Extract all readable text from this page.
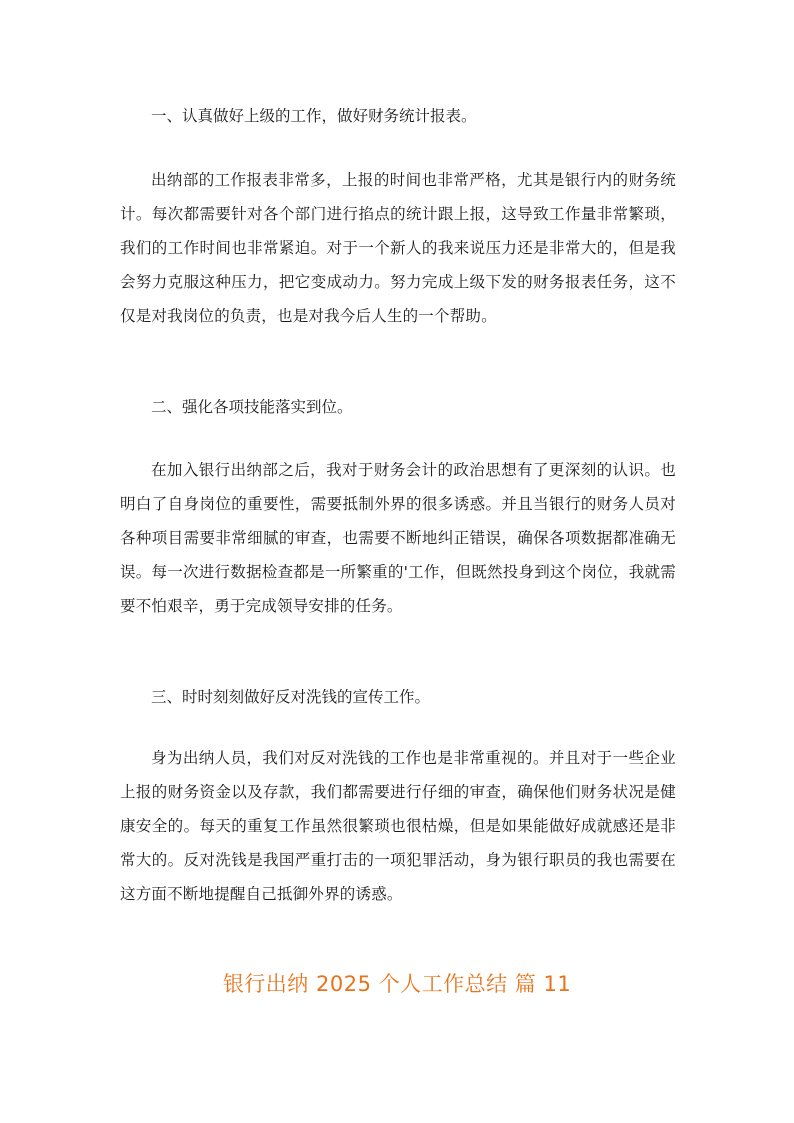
一、认真做好上级的工作，做好财务统计报表。

出纳部的工作报表非常多，上报的时间也非常严格，尤其是银行内的财务统计。每次都需要针对各个部门进行掐点的统计跟上报，这导致工作量非常繁琐，我们的工作时间也非常紧迫。对于一个新人的我来说压力还是非常大的，但是我会努力克服这种压力，把它变成动力。努力完成上级下发的财务报表任务，这不仅是对我岗位的负责，也是对我今后人生的一个帮助。

二、强化各项技能落实到位。

在加入银行出纳部之后，我对于财务会计的政治思想有了更深刻的认识。也明白了自身岗位的重要性，需要抵制外界的很多诱惑。并且当银行的财务人员对各种项目需要非常细腻的审查，也需要不断地纠正错误，确保各项数据都准确无误。每一次进行数据检查都是一所繁重的'工作，但既然投身到这个岗位，我就需要不怕艰辛，勇于完成领导安排的任务。

三、时时刻刻做好反对洗钱的宣传工作。

身为出纳人员，我们对反对洗钱的工作也是非常重视的。并且对于一些企业上报的财务资金以及存款，我们都需要进行仔细的审查，确保他们财务状况是健康安全的。每天的重复工作虽然很繁琐也很枯燥，但是如果能做好成就感还是非常大的。反对洗钱是我国严重打击的一项犯罪活动，身为银行职员的我也需要在这方面不断地提醒自己抵御外界的诱惑。

银行出纳 2025 个人工作总结 篇 11
